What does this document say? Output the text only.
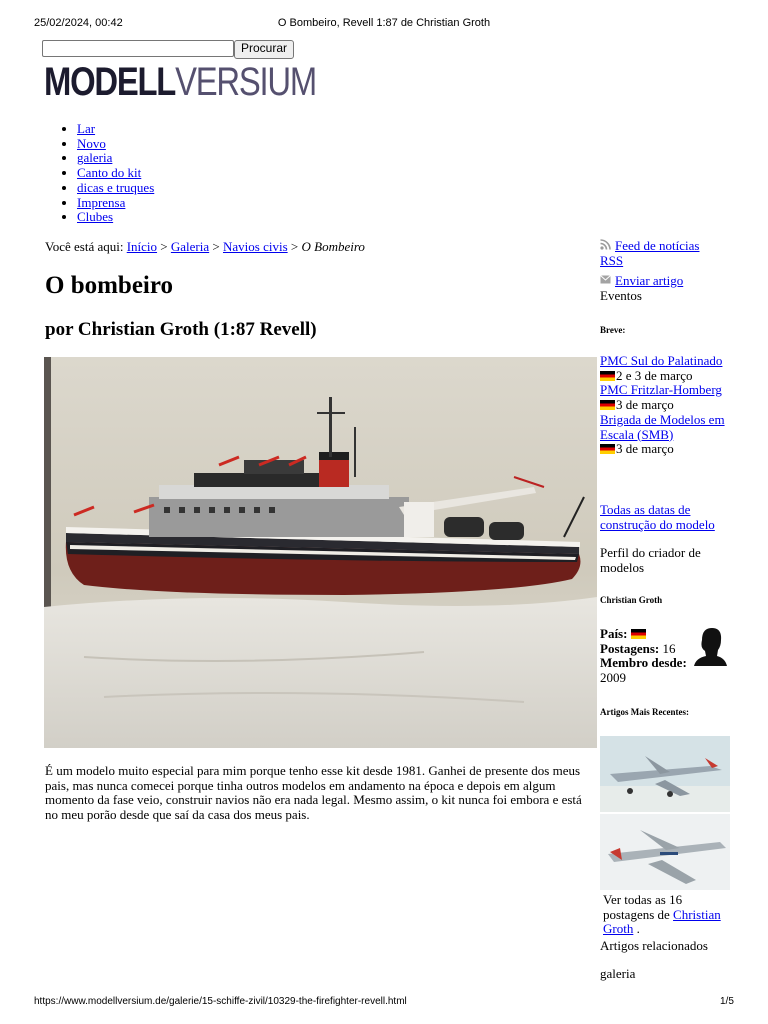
25/02/2024, 00:42	O Bombeiro, Revell 1:87 de Christian Groth
Procurar
MODELLVERSIUM
• Lar
• Novo
• galeria
• Canto do kit
• dicas e truques
• Imprensa
• Clubes
Você está aqui: Início > Galeria > Navios civis > O Bombeiro
O bombeiro
por Christian Groth (1:87 Revell)

É um modelo muito especial para mim porque tenho esse kit desde 1981. Ganhei de presente dos meus pais, mas nunca comecei porque tinha outros modelos em andamento na época e depois em algum momento da fase veio, construir navios não era nada legal. Mesmo assim, o kit nunca foi embora e está no meu porão desde que saí da casa dos meus pais.

Feed de notícias RSS
Enviar artigo
Eventos
Breve:
PMC Sul do Palatinado
2 e 3 de março
PMC Fritzlar-Homberg
3 de março
Brigada de Modelos em Escala (SMB)
3 de março
Todas as datas de construção do modelo
Perfil do criador de modelos
Christian Groth
País:
Postagens: 16
Membro desde: 2009
Artigos Mais Recentes:
Ver todas as 16 postagens de Christian Groth .
Artigos relacionados
galeria
https://www.modellversium.de/galerie/15-schiffe-zivil/10329-the-firefighter-revell.html	1/5
